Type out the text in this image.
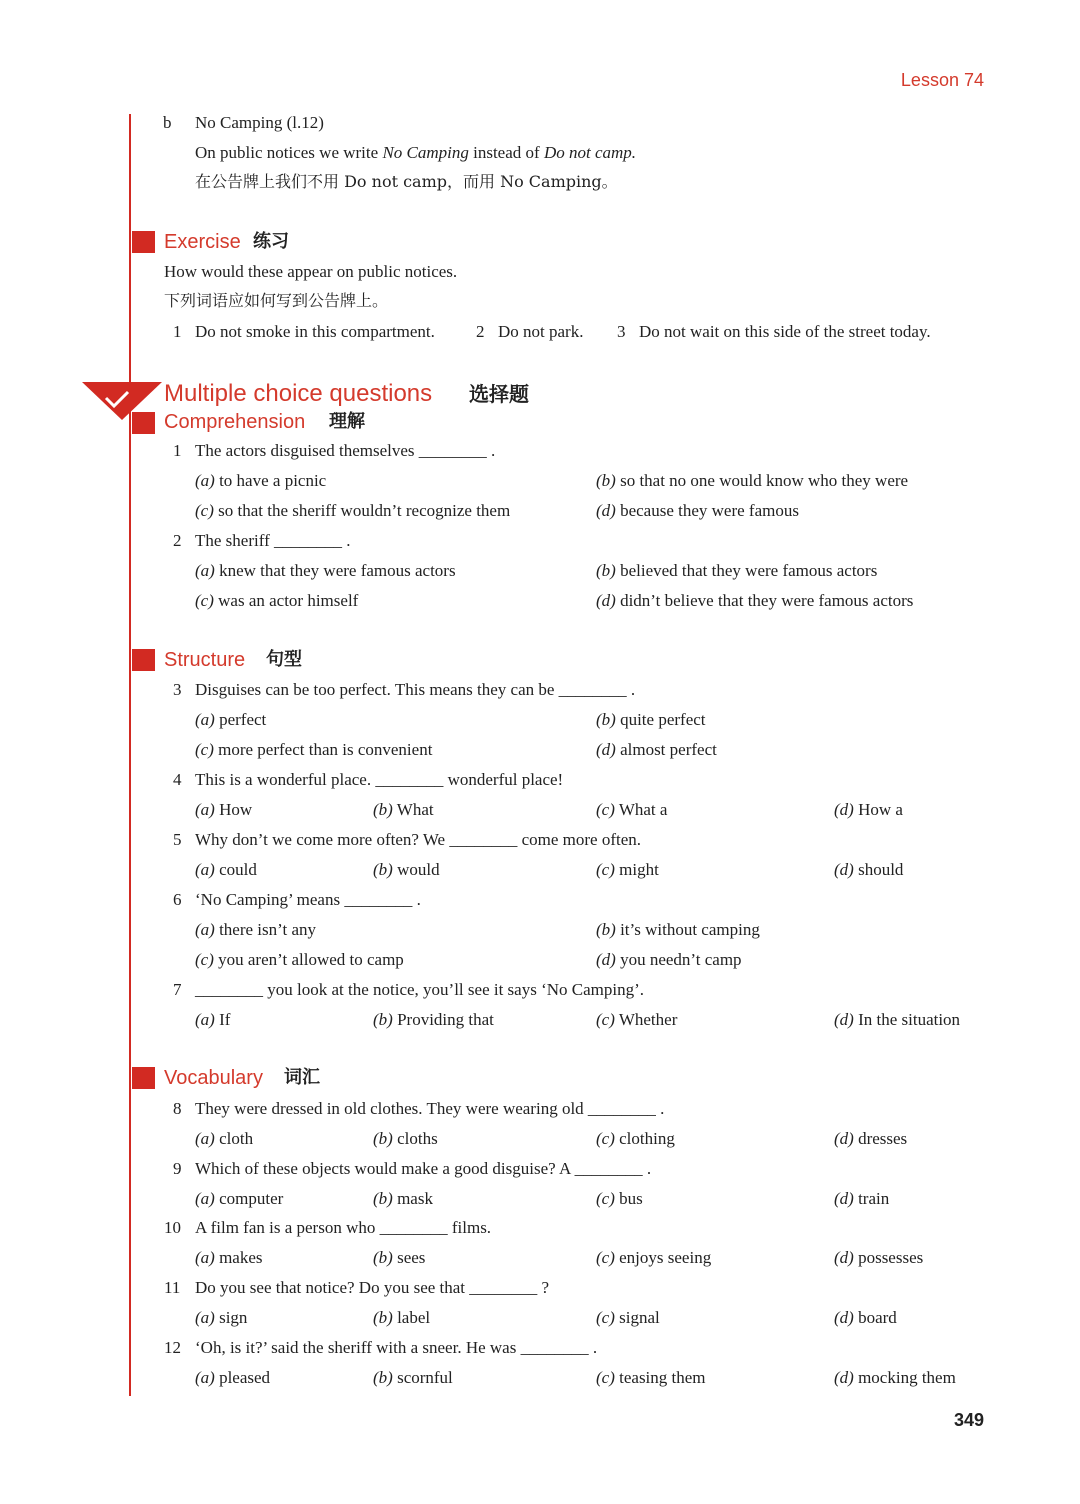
Lesson 74
b No Camping (l.12)
On public notices we write No Camping instead of Do not camp.
在公告牌上我们不用 Do not camp，而用 No Camping。
Exercise 练习
How would these appear on public notices.
下列词语应如何写到公告牌上。
1 Do not smoke in this compartment. 2 Do not park. 3 Do not wait on this side of the street today.
Multiple choice questions 选择题
Comprehension 理解
1 The actors disguised themselves ________ .
(a) to have a picnic	(b) so that no one would know who they were
(c) so that the sheriff wouldn’t recognize them	(d) because they were famous
2 The sheriff ________ .
(a) knew that they were famous actors	(b) believed that they were famous actors
(c) was an actor himself	(d) didn’t believe that they were famous actors
Structure 句型
3 Disguises can be too perfect. This means they can be ________ .
(a) perfect	(b) quite perfect
(c) more perfect than is convenient	(d) almost perfect
4 This is a wonderful place. ________ wonderful place!
(a) How	(b) What	(c) What a	(d) How a
5 Why don’t we come more often? We ________ come more often.
(a) could	(b) would	(c) might	(d) should
6 ‘No Camping’ means ________ .
(a) there isn’t any	(b) it’s without camping
(c) you aren’t allowed to camp	(d) you needn’t camp
7 ________ you look at the notice, you’ll see it says ‘No Camping’.
(a) If	(b) Providing that	(c) Whether	(d) In the situation
Vocabulary 词汇
8 They were dressed in old clothes. They were wearing old ________ .
(a) cloth	(b) cloths	(c) clothing	(d) dresses
9 Which of these objects would make a good disguise? A ________ .
(a) computer	(b) mask	(c) bus	(d) train
10 A film fan is a person who ________ films.
(a) makes	(b) sees	(c) enjoys seeing	(d) possesses
11 Do you see that notice? Do you see that ________ ?
(a) sign	(b) label	(c) signal	(d) board
12 ‘Oh, is it?’ said the sheriff with a sneer. He was ________ .
(a) pleased	(b) scornful	(c) teasing them	(d) mocking them
349
